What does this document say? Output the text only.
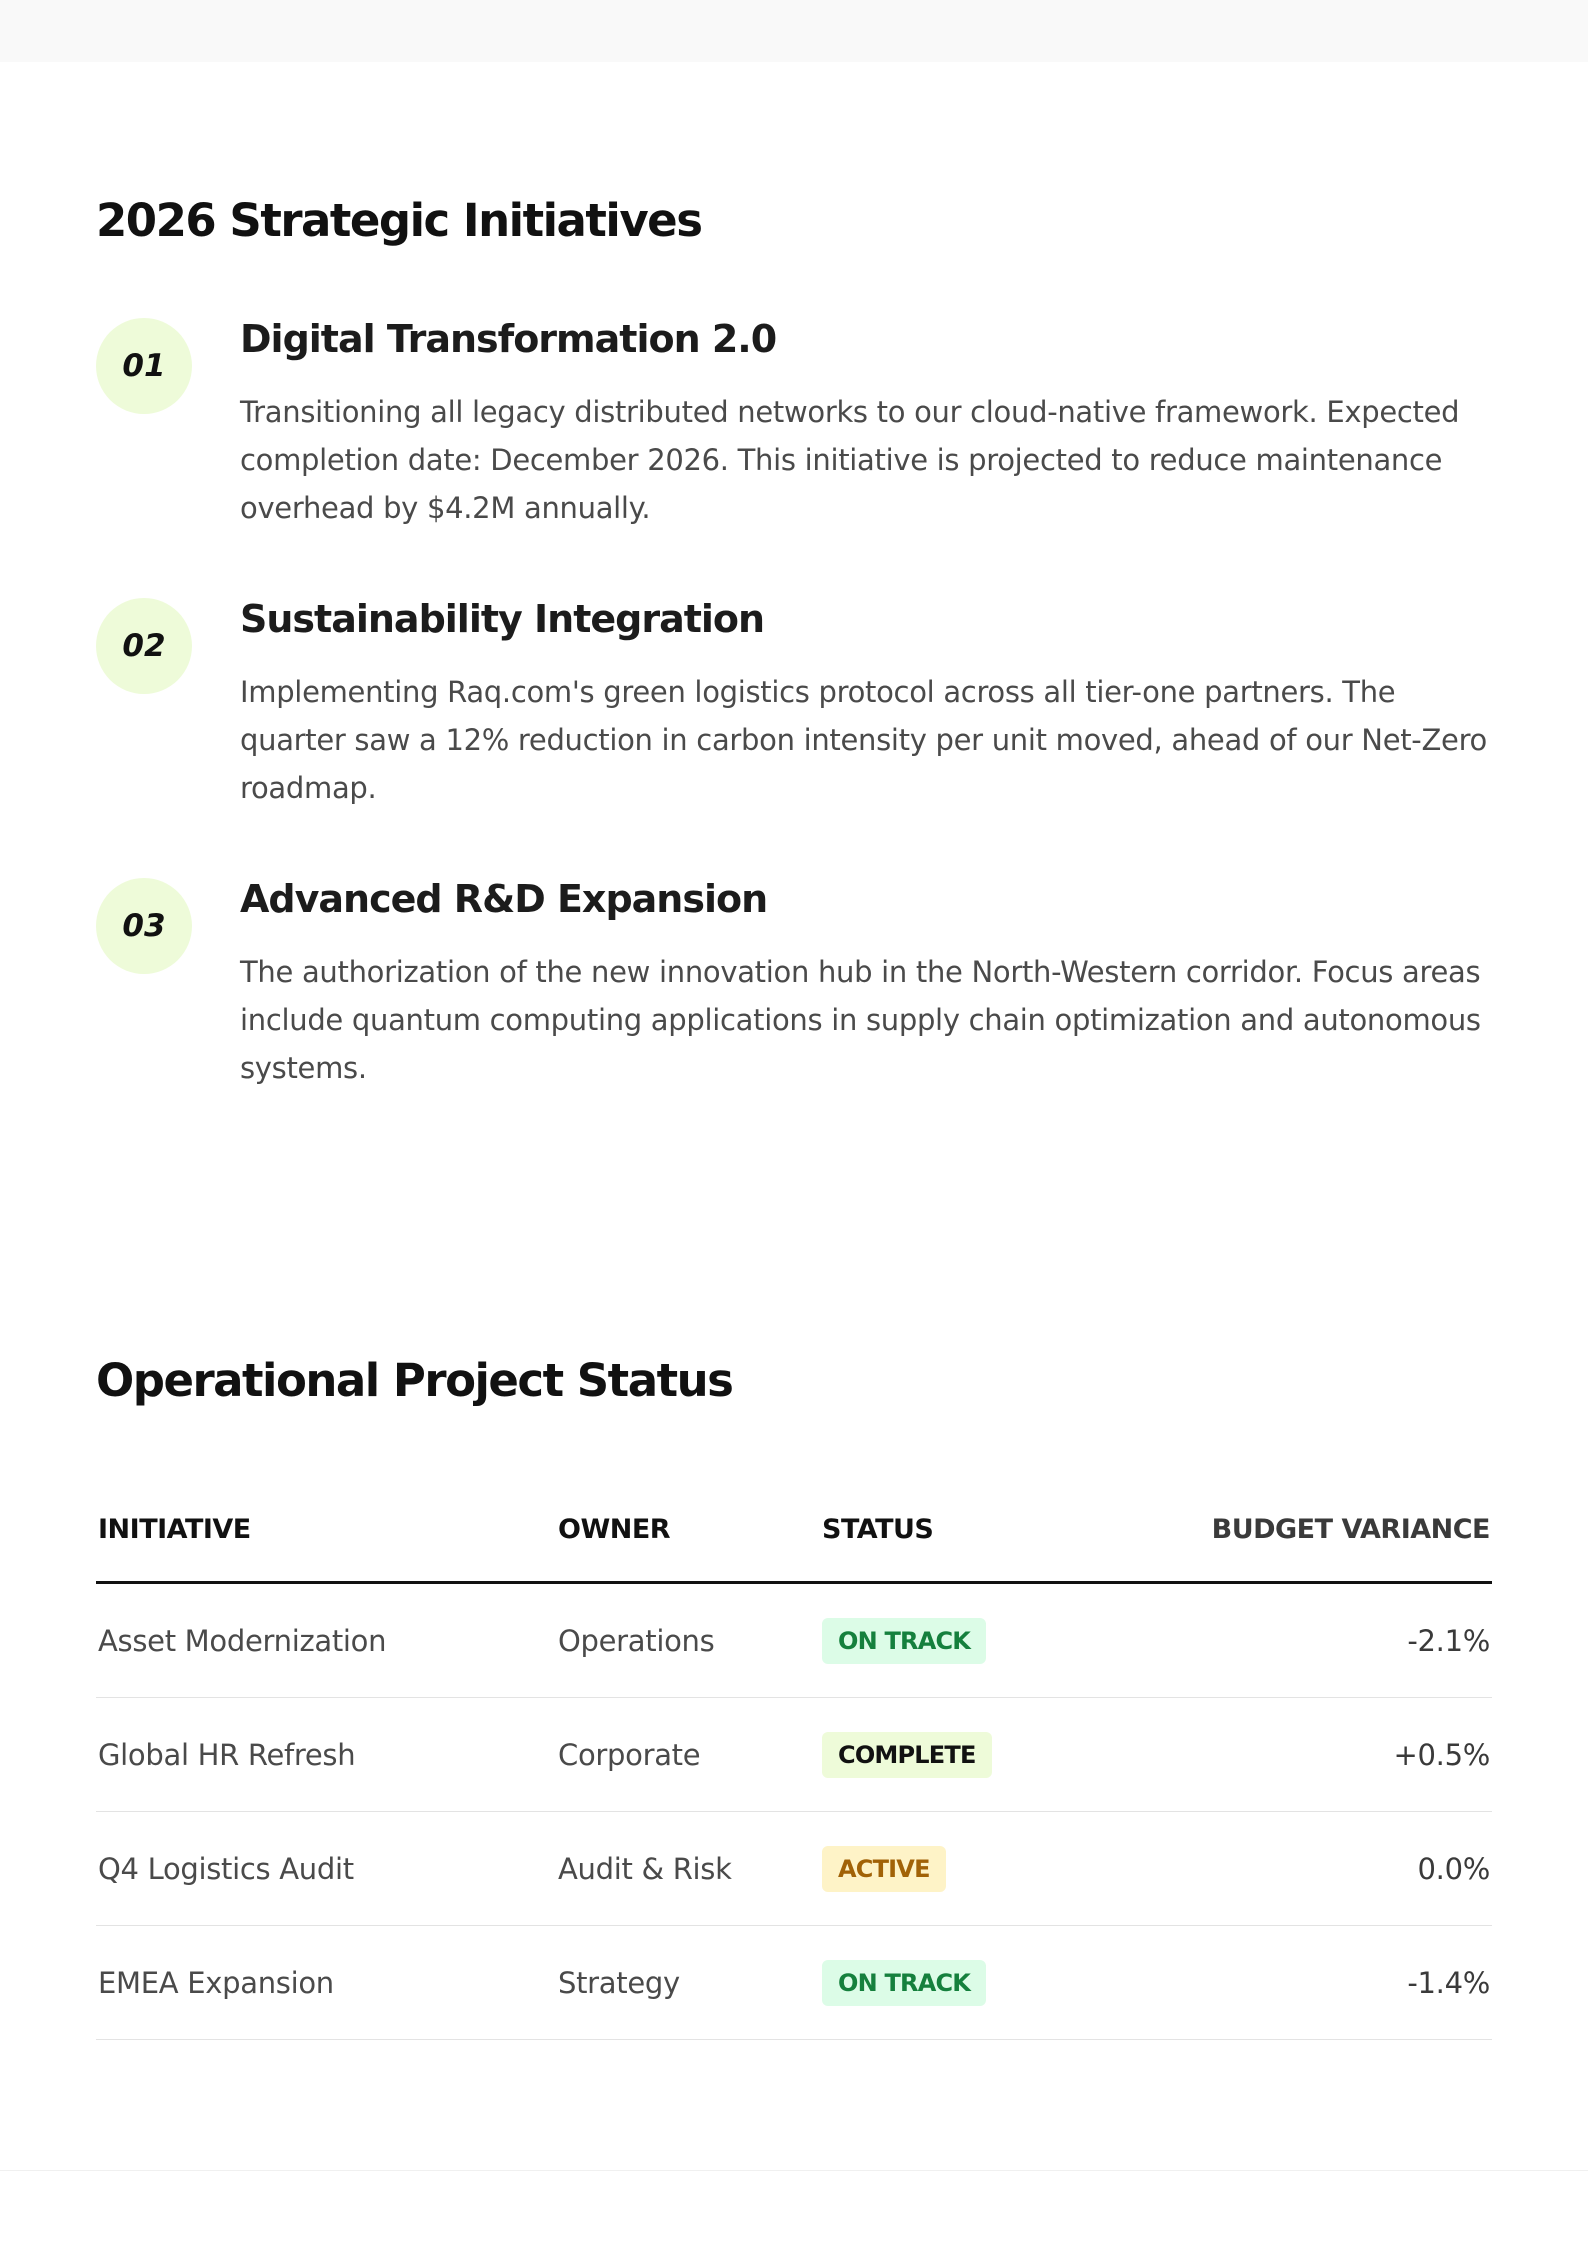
2026 Strategic Initiatives
01
Digital Transformation 2.0

Transitioning all legacy distributed networks to our cloud-native framework. Expected completion date: December 2026. This initiative is projected to reduce maintenance overhead by $4.2M annually.

02
Sustainability Integration

Implementing Raq.com's green logistics protocol across all tier-one partners. The quarter saw a 12% reduction in carbon intensity per unit moved, ahead of our Net-Zero roadmap.

03
Advanced R&D Expansion

The authorization of the new innovation hub in the North-Western corridor. Focus areas include quantum computing applications in supply chain optimization and autonomous systems.

Operational Project Status
INITIATIVE	OWNER	STATUS	BUDGET VARIANCE
Asset Modernization	Operations	ON TRACK	-2.1%
Global HR Refresh	Corporate	COMPLETE	+0.5%
Q4 Logistics Audit	Audit & Risk	ACTIVE	0.0%
EMEA Expansion	Strategy	ON TRACK	-1.4%
